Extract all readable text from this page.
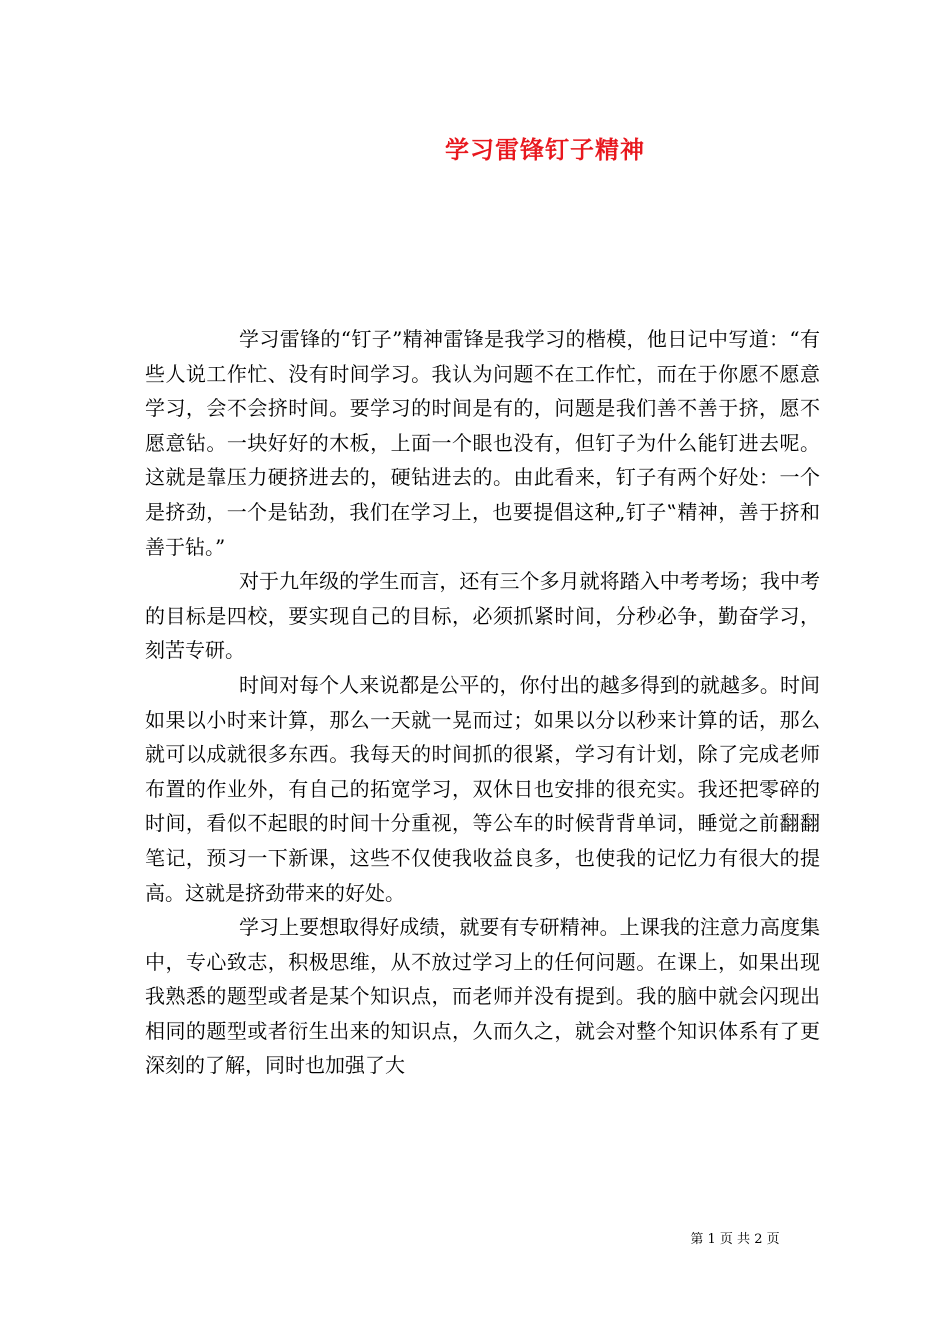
学习雷锋钉子精神

学习雷锋的“钉子”精神雷锋是我学习的楷模，他日记中写道：“有些人说工作忙、没有时间学习。我认为问题不在工作忙，而在于你愿不愿意学习，会不会挤时间。要学习的时间是有的，问题是我们善不善于挤，愿不愿意钻。一块好好的木板，上面一个眼也没有，但钉子为什么能钉进去呢。这就是靠压力硬挤进去的，硬钻进去的。由此看来，钉子有两个好处：一个是挤劲，一个是钻劲，我们在学习上，也要提倡这种„钉子‟精神，善于挤和善于钻。”

对于九年级的学生而言，还有三个多月就将踏入中考考场；我中考的目标是四校，要实现自己的目标，必须抓紧时间，分秒必争，勤奋学习，刻苦专研。

时间对每个人来说都是公平的，你付出的越多得到的就越多。时间如果以小时来计算，那么一天就一晃而过；如果以分以秒来计算的话，那么就可以成就很多东西。我每天的时间抓的很紧，学习有计划，除了完成老师布置的作业外，有自己的拓宽学习，双休日也安排的很充实。我还把零碎的时间，看似不起眼的时间十分重视，等公车的时候背背单词，睡觉之前翻翻笔记，预习一下新课，这些不仅使我收益良多，也使我的记忆力有很大的提高。这就是挤劲带来的好处。

学习上要想取得好成绩，就要有专研精神。上课我的注意力高度集中，专心致志，积极思维，从不放过学习上的任何问题。在课上，如果出现我熟悉的题型或者是某个知识点，而老师并没有提到。我的脑中就会闪现出相同的题型或者衍生出来的知识点，久而久之，就会对整个知识体系有了更深刻的了解，同时也加强了大

第 1 页 共 2 页
